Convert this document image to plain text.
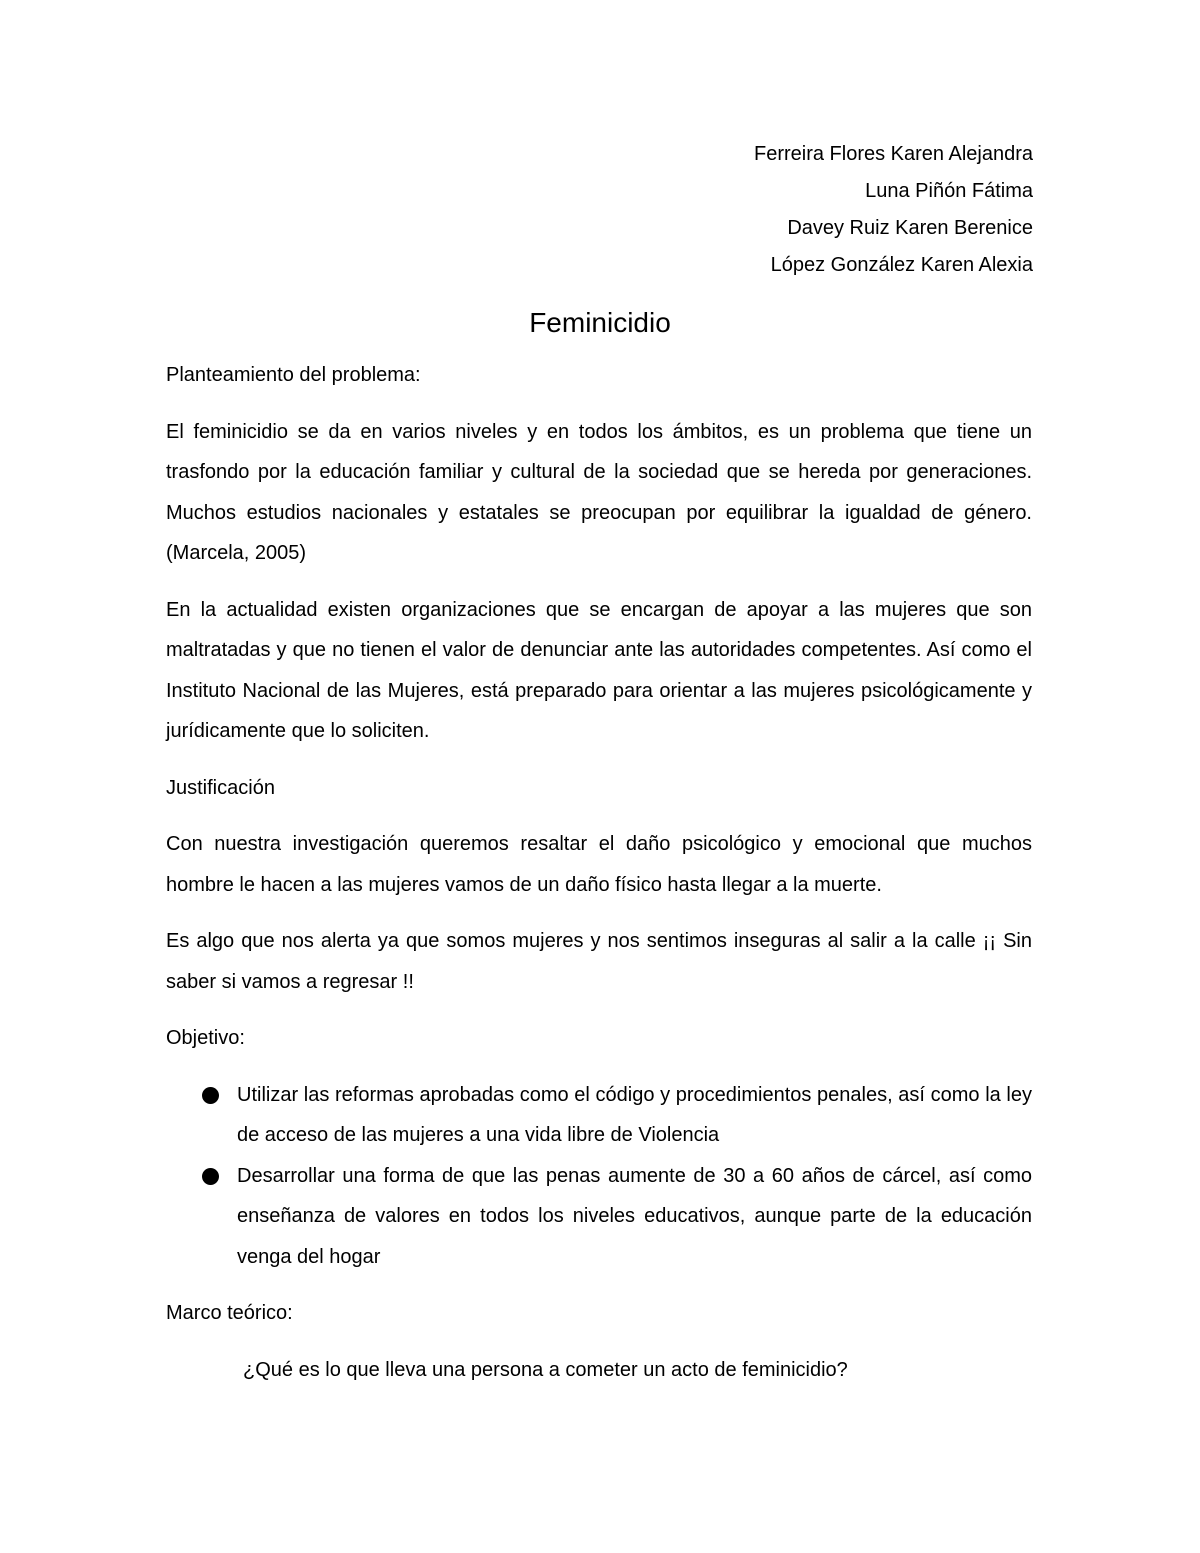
Ferreira Flores Karen Alejandra
Luna Piñón Fátima
Davey Ruiz Karen Berenice
López González Karen Alexia
Feminicidio
Planteamiento del problema:
El feminicidio se da en varios niveles y en todos los ámbitos, es un problema que tiene un trasfondo por la educación familiar y cultural de la sociedad que se hereda por generaciones. Muchos estudios nacionales y estatales se preocupan por equilibrar la igualdad de género. (Marcela, 2005)
En la actualidad existen organizaciones que se encargan de apoyar a las mujeres que son maltratadas y que no tienen el valor de denunciar ante las autoridades competentes. Así como el Instituto Nacional de las Mujeres, está preparado para orientar a las mujeres psicológicamente y jurídicamente que lo soliciten.
Justificación
Con nuestra investigación queremos resaltar el daño psicológico y emocional que muchos hombre le hacen a las mujeres vamos de un daño físico hasta llegar a la muerte.
Es algo que nos alerta ya que somos mujeres y nos sentimos inseguras al salir a la calle ¡¡ Sin saber si vamos a regresar !!
Objetivo:
Utilizar las reformas aprobadas como el código y procedimientos penales, así como la ley de acceso de las mujeres a una vida libre de Violencia
Desarrollar una forma de que las penas aumente de 30 a 60 años de cárcel, así como enseñanza de valores en todos los niveles educativos, aunque parte de la educación venga del hogar
Marco teórico:
¿Qué es lo que lleva una persona a cometer un acto de feminicidio?
